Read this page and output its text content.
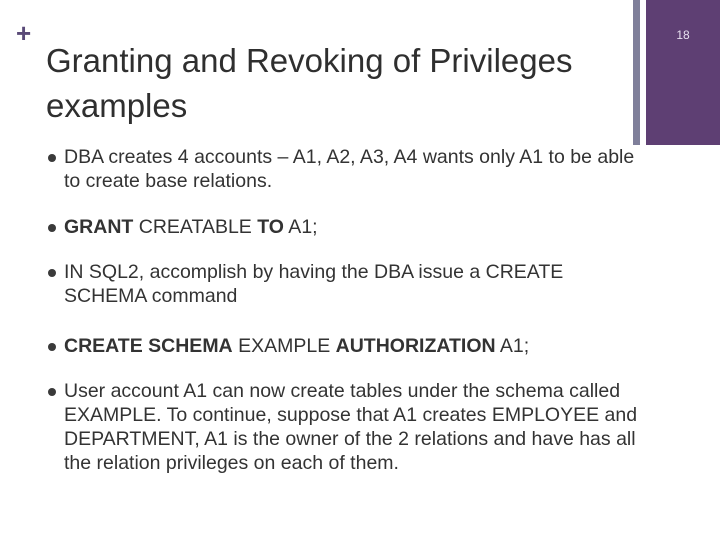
+
Granting and Revoking of Privileges examples
18
DBA creates 4 accounts – A1, A2, A3, A4 wants only A1 to be able to create base relations.
GRANT CREATABLE TO A1;
IN SQL2, accomplish by having the DBA issue a CREATE SCHEMA command
CREATE SCHEMA EXAMPLE AUTHORIZATION A1;
User account A1 can now create tables under the schema called EXAMPLE. To continue, suppose that A1 creates EMPLOYEE and DEPARTMENT, A1 is the owner of the 2 relations and have has all the relation privileges on each of them.
